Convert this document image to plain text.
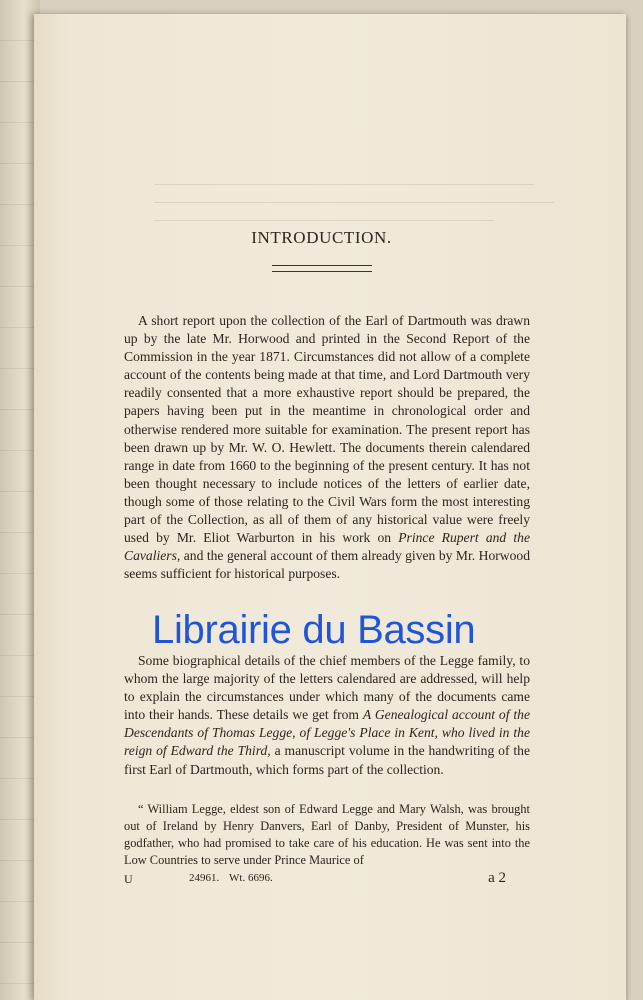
INTRODUCTION.

A short report upon the collection of the Earl of Dartmouth was drawn up by the late Mr. Horwood and printed in the Second Report of the Commission in the year 1871. Circumstances did not allow of a complete account of the contents being made at that time, and Lord Dartmouth very readily consented that a more exhaustive report should be prepared, the papers having been put in the meantime in chronological order and otherwise rendered more suitable for examination. The present report has been drawn up by Mr. W. O. Hewlett. The documents therein calendared range in date from 1660 to the beginning of the present century. It has not been thought necessary to include notices of the letters of earlier date, though some of those relating to the Civil Wars form the most interesting part of the Collection, as all of them of any historical value were freely used by Mr. Eliot Warburton in his work on Prince Rupert and the Cavaliers, and the general account of them already given by Mr. Horwood seems sufficient for historical purposes.

Some biographical details of the chief members of the Legge family, to whom the large majority of the letters calendared are addressed, will help to explain the circumstances under which many of the documents came into their hands. These details we get from A Genealogical account of the Descendants of Thomas Legge, of Legge's Place in Kent, who lived in the reign of Edward the Third, a manuscript volume in the handwriting of the first Earl of Dartmouth, which forms part of the collection.

“ William Legge, eldest son of Edward Legge and Mary Walsh, was brought out of Ireland by Henry Danvers, Earl of Danby, President of Munster, his godfather, who had promised to take care of his education. He was sent into the Low Countries to serve under Prince Maurice of

U	24961. Wt. 6696.	a 2
Librairie du Bassin
